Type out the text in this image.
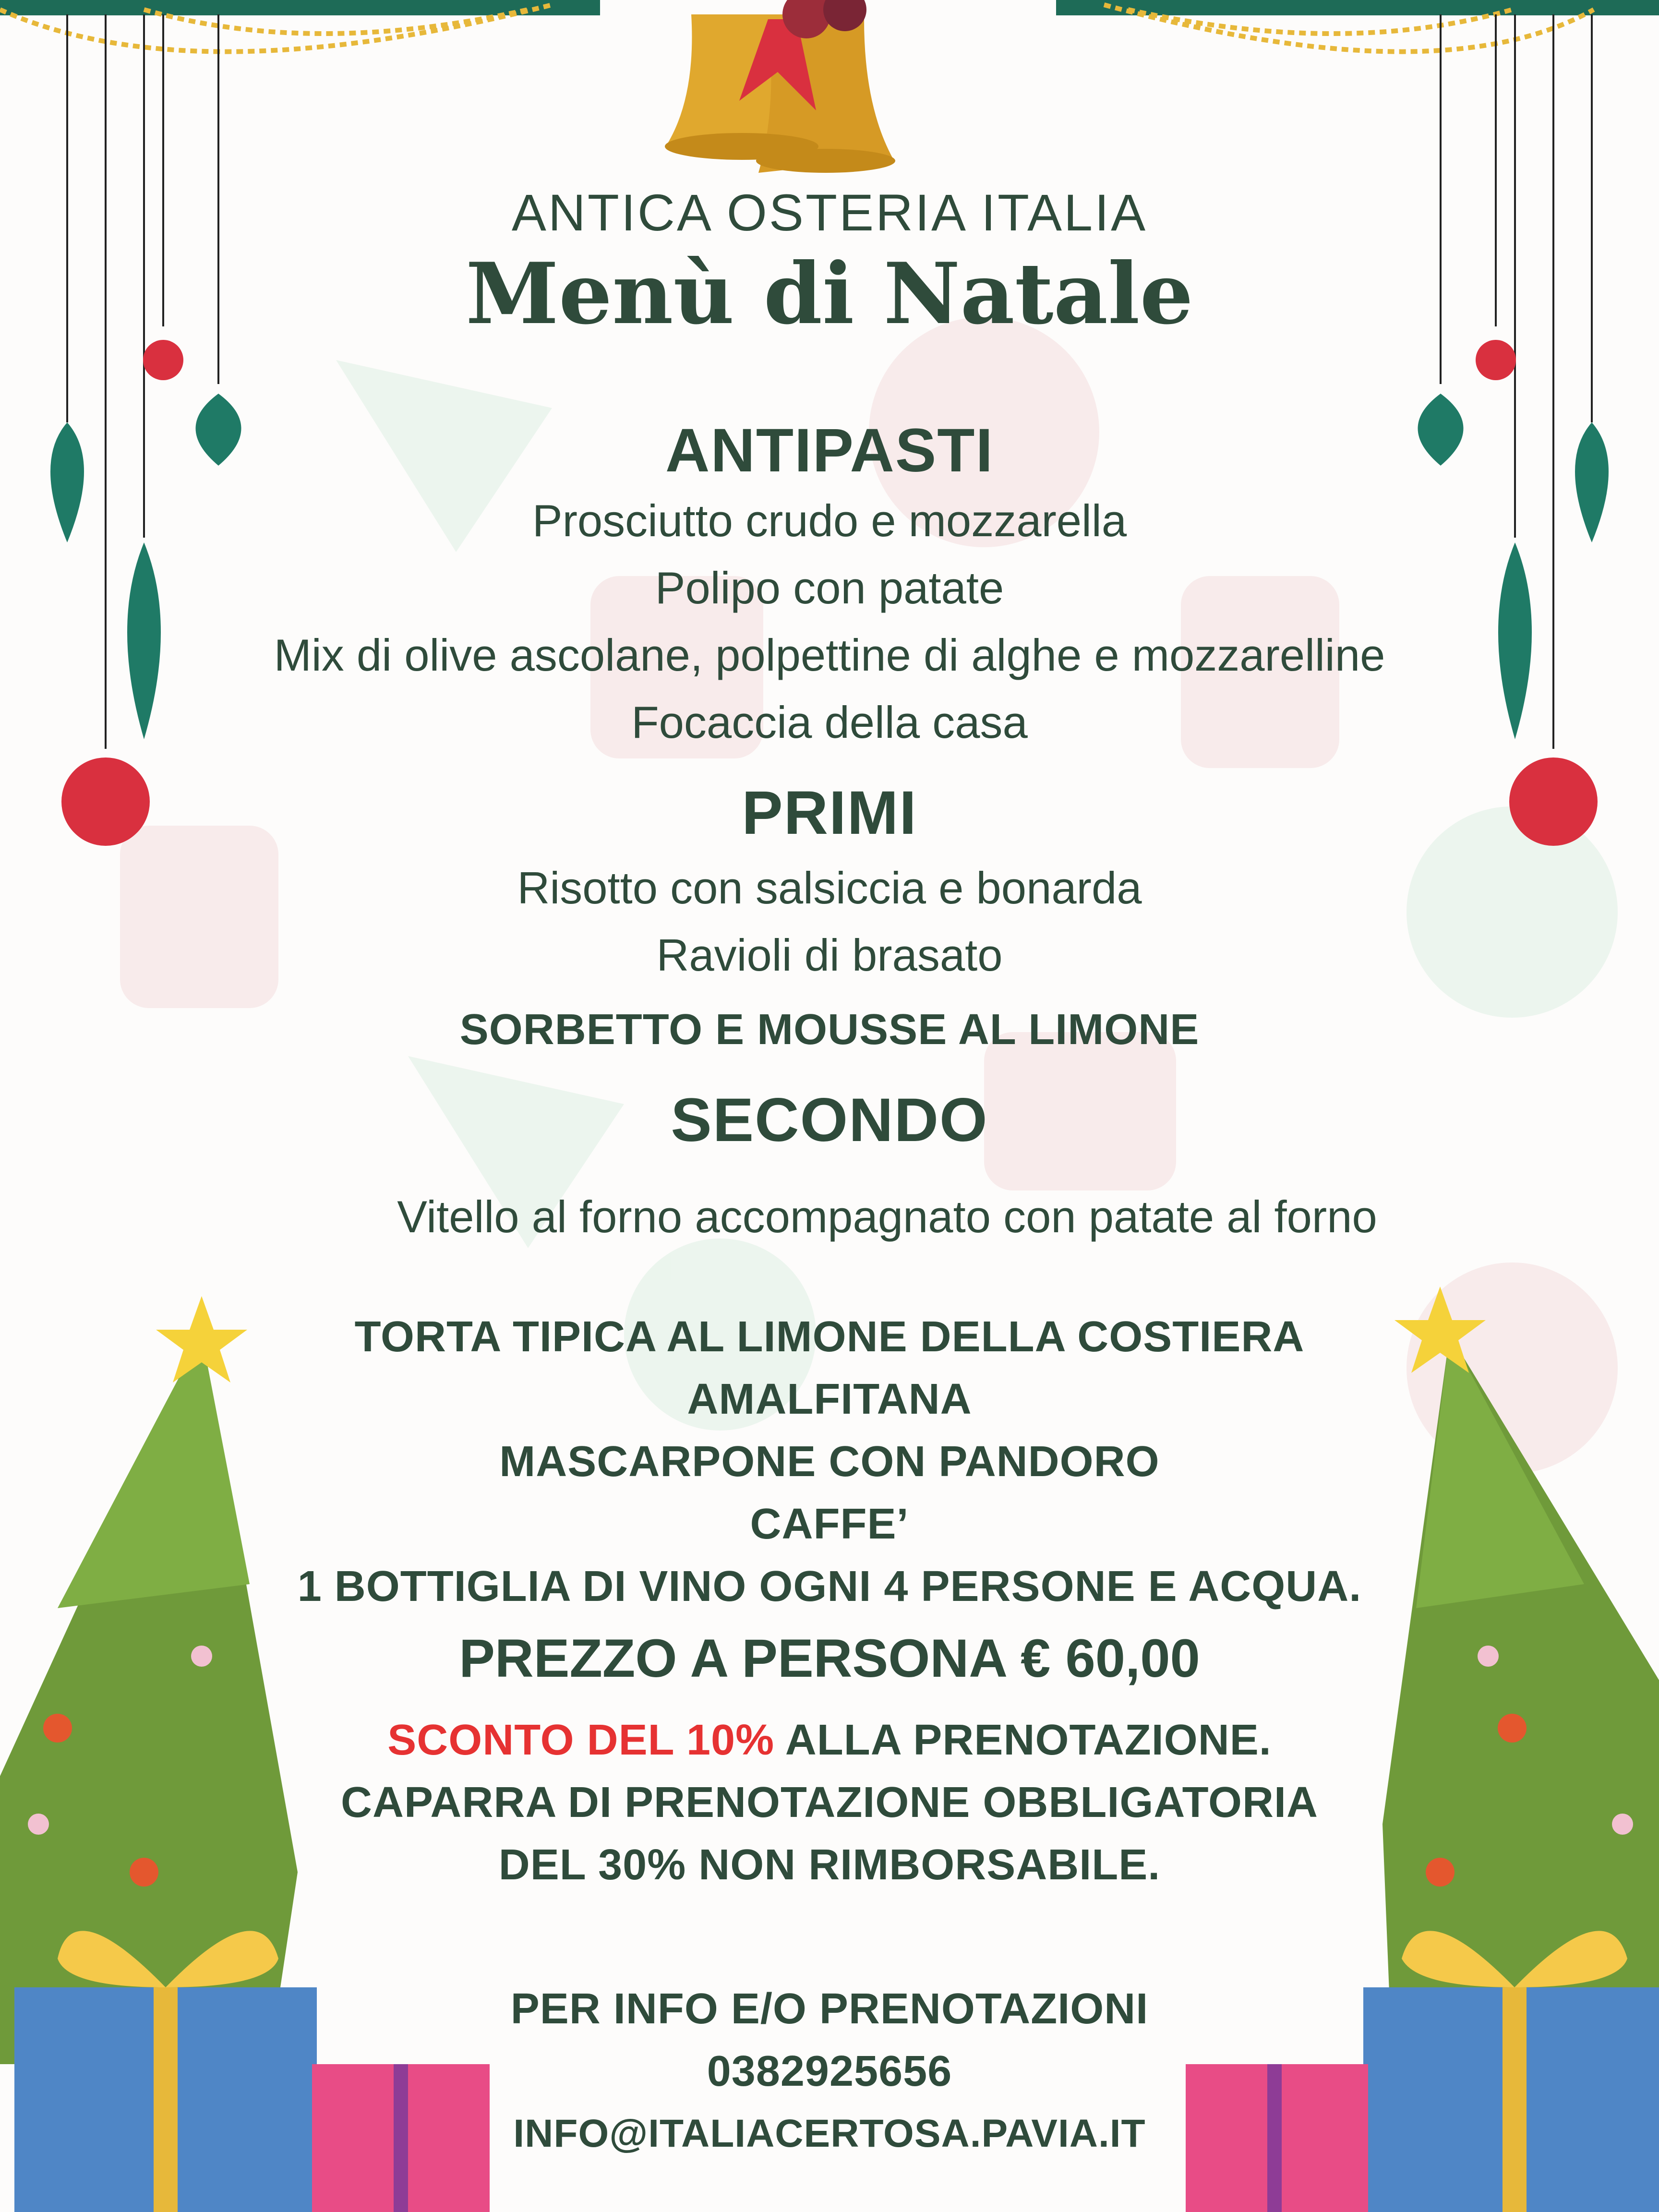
ANTICA OSTERIA ITALIA
Menù di Natale
ANTIPASTI
Prosciutto crudo e mozzarella
Polipo con patate
Mix di olive ascolane, polpettine di alghe e mozzarelline
Focaccia della casa
PRIMI
Risotto con salsiccia e bonarda
Ravioli di brasato
SORBETTO E MOUSSE AL LIMONE
SECONDO
Vitello al forno accompagnato con patate al forno
TORTA TIPICA AL LIMONE DELLA COSTIERA
AMALFITANA
MASCARPONE CON PANDORO
CAFFE’
1 BOTTIGLIA DI VINO OGNI 4 PERSONE E ACQUA.
PREZZO A PERSONA € 60,00
SCONTO DEL 10% ALLA PRENOTAZIONE.
CAPARRA DI PRENOTAZIONE OBBLIGATORIA
DEL 30% NON RIMBORSABILE.
PER INFO E/O PRENOTAZIONI
0382925656
INFO@ITALIACERTOSA.PAVIA.IT
